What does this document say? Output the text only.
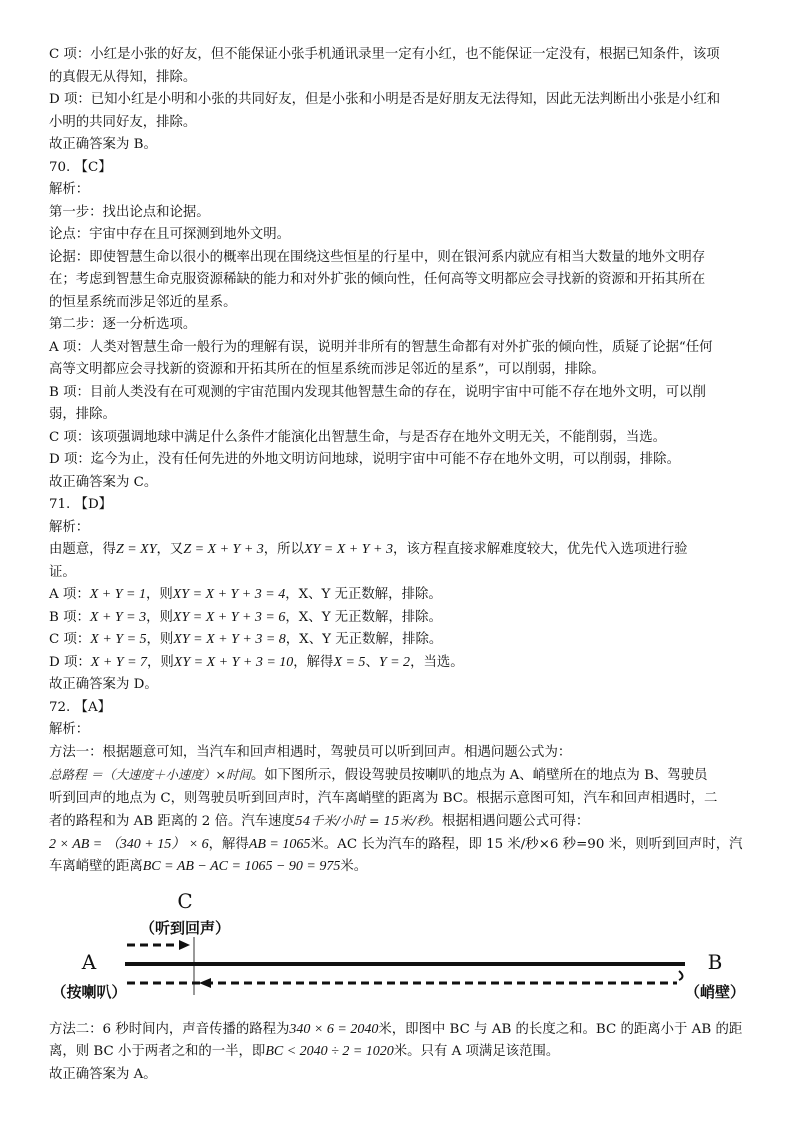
C 项：小红是小张的好友，但不能保证小张手机通讯录里一定有小红，也不能保证一定没有，根据已知条件，该项
的真假无从得知，排除。
D 项：已知小红是小明和小张的共同好友，但是小张和小明是否是好朋友无法得知，因此无法判断出小张是小红和
小明的共同好友，排除。
故正确答案为 B。
70. 【C】
解析：
第一步：找出论点和论据。
论点：宇宙中存在且可探测到地外文明。
论据：即使智慧生命以很小的概率出现在围绕这些恒星的行星中，则在银河系内就应有相当大数量的地外文明存
在；考虑到智慧生命克服资源稀缺的能力和对外扩张的倾向性，任何高等文明都应会寻找新的资源和开拓其所在
的恒星系统而涉足邻近的星系。
第二步：逐一分析选项。
A 项：人类对智慧生命一般行为的理解有误，说明并非所有的智慧生命都有对外扩张的倾向性，质疑了论据“任何
高等文明都应会寻找新的资源和开拓其所在的恒星系统而涉足邻近的星系”，可以削弱，排除。
B 项：目前人类没有在可观测的宇宙范围内发现其他智慧生命的存在，说明宇宙中可能不存在地外文明，可以削
弱，排除。
C 项：该项强调地球中满足什么条件才能演化出智慧生命，与是否存在地外文明无关，不能削弱，当选。
D 项：迄今为止，没有任何先进的外地文明访问地球，说明宇宙中可能不存在地外文明，可以削弱，排除。
故正确答案为 C。
71. 【D】
解析：
由题意，得Z = XY，又Z = X + Y + 3，所以XY = X + Y + 3，该方程直接求解难度较大，优先代入选项进行验
证。
A 项：X + Y = 1，则XY = X + Y + 3 = 4，X、Y 无正数解，排除。
B 项：X + Y = 3，则XY = X + Y + 3 = 6，X、Y 无正数解，排除。
C 项：X + Y = 5，则XY = X + Y + 3 = 8，X、Y 无正数解，排除。
D 项：X + Y = 7，则XY = X + Y + 3 = 10，解得X = 5、Y = 2，当选。
故正确答案为 D。
72. 【A】
解析：
方法一：根据题意可知，当汽车和回声相遇时，驾驶员可以听到回声。相遇问题公式为：
总路程 ＝（大速度＋小速度）×时间。如下图所示，假设驾驶员按喇叭的地点为 A、峭壁所在的地点为 B、驾驶员
听到回声的地点为 C，则驾驶员听到回声时，汽车离峭壁的距离为 BC。根据示意图可知，汽车和回声相遇时，二
者的路程和为 AB 距离的 2 倍。汽车速度54千米/小时 = 15米/秒。根据相遇问题公式可得：
2 × AB = （340 + 15） × 6，解得AB = 1065米。AC 长为汽车的路程，即 15 米/秒×6 秒=90 米，则听到回声时，汽
车离峭壁的距离BC = AB − AC = 1065 − 90 = 975米。
C
（听到回声）
A
（按喇叭）
B
（峭壁）
方法二：6 秒时间内，声音传播的路程为340 × 6 = 2040米，即图中 BC 与 AB 的长度之和。BC 的距离小于 AB 的距
离，则 BC 小于两者之和的一半，即BC < 2040 ÷ 2 = 1020米。只有 A 项满足该范围。
故正确答案为 A。
